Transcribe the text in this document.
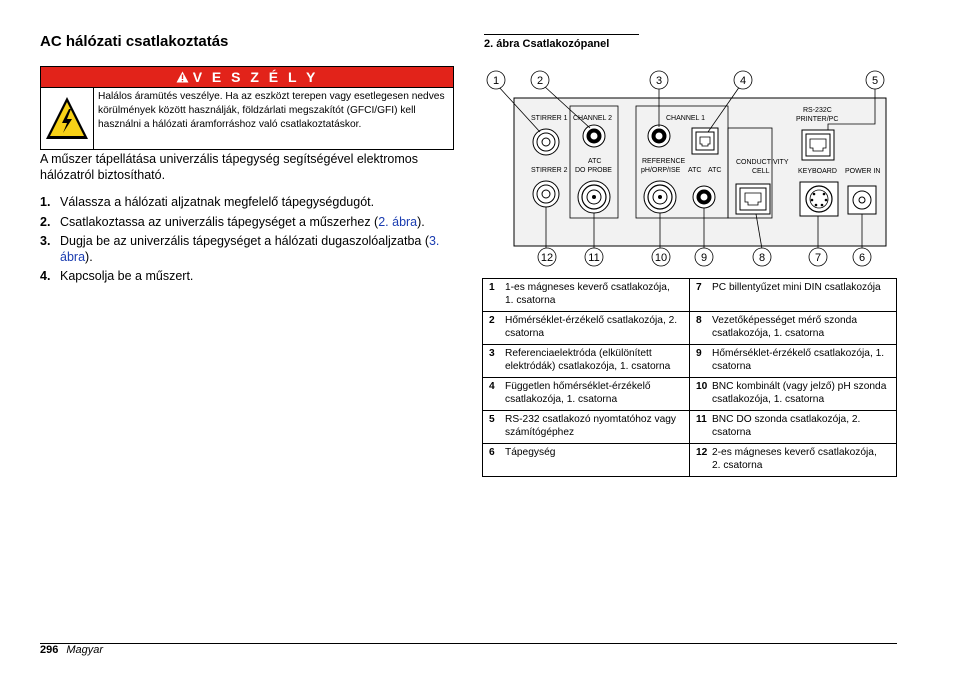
AC hálózati csatlakoztatás
V E S Z É L Y
Halálos áramütés veszélye. Ha az eszközt terepen vagy esetlegesen nedves körülmények között használják, földzárlati megszakítót (GFCI/GFI) kell használni a hálózati áramforráshoz való csatlakoztatáskor.
A műszer tápellátása univerzális tápegység segítségével elektromos hálózatról biztosítható.
1. Válassza a hálózati aljzatnak megfelelő tápegységdugót.
2. Csatlakoztassa az univerzális tápegységet a műszerhez (2. ábra).
3. Dugja be az univerzális tápegységet a hálózati dugaszolóaljzatba (3. ábra).
4. Kapcsolja be a műszert.
2. ábra Csatlakozópanel
STIRRER 1
STIRRER 2
CHANNEL 2
ATC
DO PROBE
CHANNEL 1
REFERENCE
pH/ORP/ISE ATC ATC
CONDUCTIVITY
CELL
RS-232C
PRINTER/PC
KEYBOARD POWER IN
1	2	3	4	5
12	11	10	9	8	7	6
1 1-es mágneses keverő csatlakozója, 1. csatorna	7 PC billentyűzet mini DIN csatlakozója
2 Hőmérséklet-érzékelő csatlakozója, 2. csatorna	8 Vezetőképességet mérő szonda csatlakozója, 1. csatorna
3 Referenciaelektróda (elkülönített elektródák) csatlakozója, 1. csatorna	9 Hőmérséklet-érzékelő csatlakozója, 1. csatorna
4 Független hőmérséklet-érzékelő csatlakozója, 1. csatorna	10 BNC kombinált (vagy jelző) pH szonda csatlakozója, 1. csatorna
5 RS-232 csatlakozó nyomtatóhoz vagy számítógéphez	11 BNC DO szonda csatlakozója, 2. csatorna
6 Tápegység	12 2-es mágneses keverő csatlakozója, 2. csatorna
296 Magyar
